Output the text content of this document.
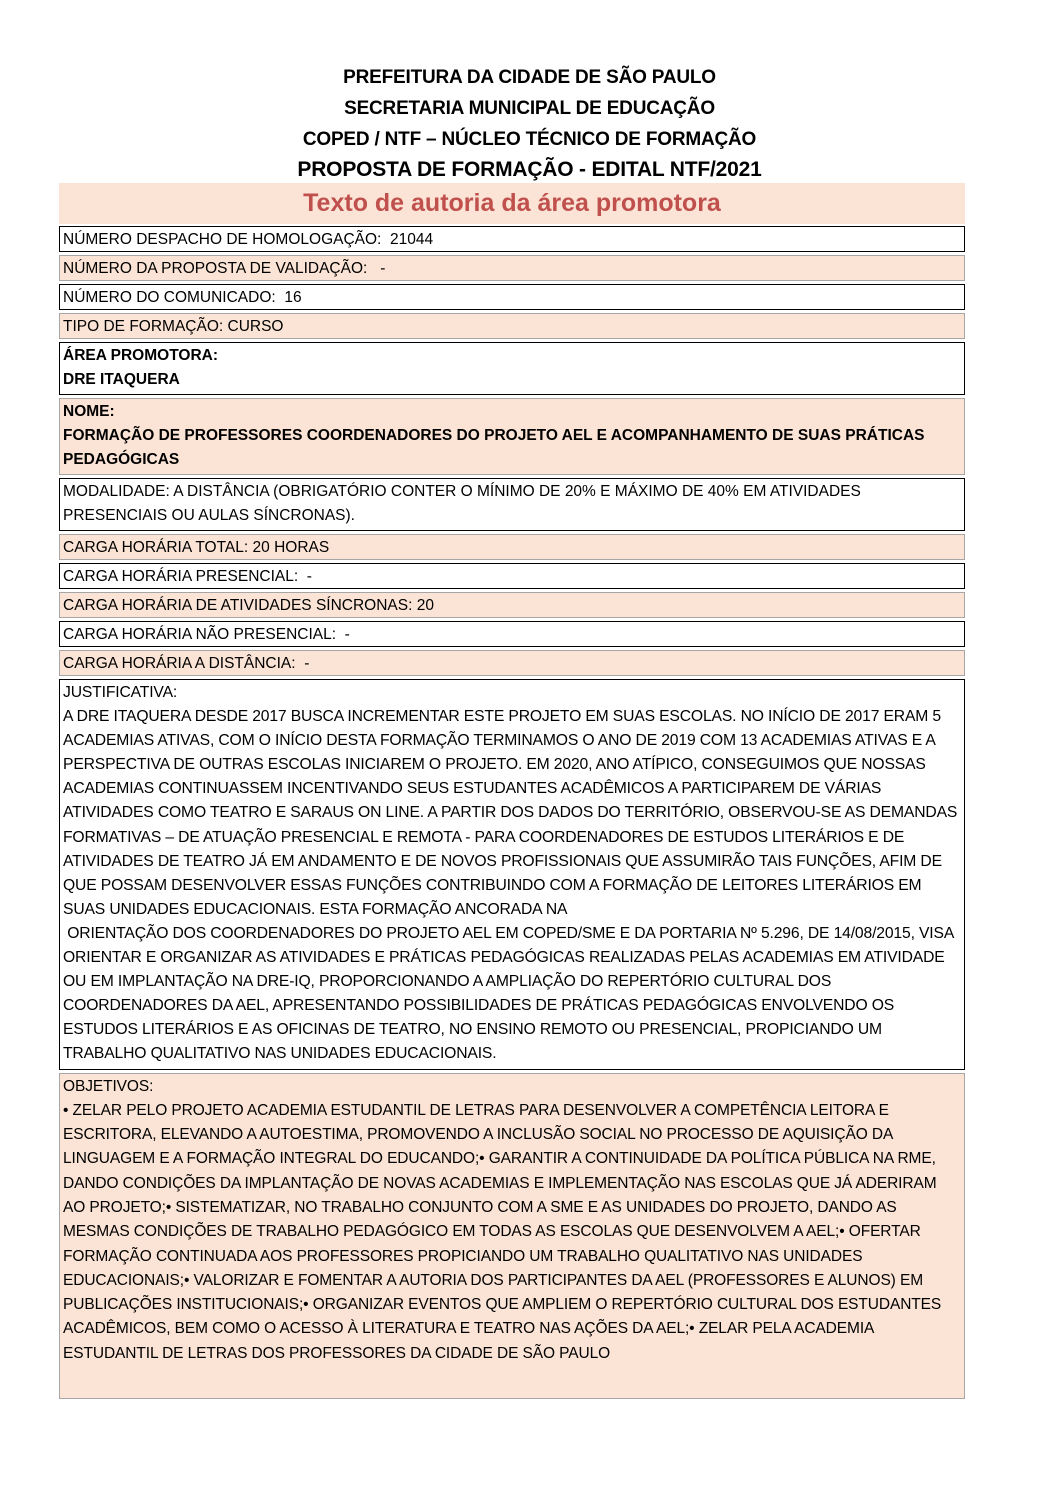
PREFEITURA DA CIDADE DE SÃO PAULO
SECRETARIA MUNICIPAL DE EDUCAÇÃO
COPED / NTF – NÚCLEO TÉCNICO DE FORMAÇÃO
PROPOSTA DE FORMAÇÃO - EDITAL NTF/2021
Texto de autoria da área promotora
NÚMERO DESPACHO DE HOMOLOGAÇÃO: 21044
NÚMERO DA PROPOSTA DE VALIDAÇÃO: -
NÚMERO DO COMUNICADO: 16
TIPO DE FORMAÇÃO: CURSO
ÁREA PROMOTORA:
DRE ITAQUERA
NOME:
FORMAÇÃO DE PROFESSORES COORDENADORES DO PROJETO AEL E ACOMPANHAMENTO DE SUAS PRÁTICAS PEDAGÓGICAS
MODALIDADE: A DISTÂNCIA (OBRIGATÓRIO CONTER O MÍNIMO DE 20% E MÁXIMO DE 40% EM ATIVIDADES PRESENCIAIS OU AULAS SÍNCRONAS).
CARGA HORÁRIA TOTAL: 20 HORAS
CARGA HORÁRIA PRESENCIAL: -
CARGA HORÁRIA DE ATIVIDADES SÍNCRONAS: 20
CARGA HORÁRIA NÃO PRESENCIAL: -
CARGA HORÁRIA A DISTÂNCIA: -
JUSTIFICATIVA:
A DRE ITAQUERA DESDE 2017 BUSCA INCREMENTAR ESTE PROJETO EM SUAS ESCOLAS. NO INÍCIO DE 2017 ERAM 5 ACADEMIAS ATIVAS, COM O INÍCIO DESTA FORMAÇÃO TERMINAMOS O ANO DE 2019 COM 13 ACADEMIAS ATIVAS E A PERSPECTIVA DE OUTRAS ESCOLAS INICIAREM O PROJETO. EM 2020, ANO ATÍPICO, CONSEGUIMOS QUE NOSSAS ACADEMIAS CONTINUASSEM INCENTIVANDO SEUS ESTUDANTES ACADÊMICOS A PARTICIPAREM DE VÁRIAS ATIVIDADES COMO TEATRO E SARAUS ON LINE. A PARTIR DOS DADOS DO TERRITÓRIO, OBSERVOU-SE AS DEMANDAS FORMATIVAS – DE ATUAÇÃO PRESENCIAL E REMOTA - PARA COORDENADORES DE ESTUDOS LITERÁRIOS E DE ATIVIDADES DE TEATRO JÁ EM ANDAMENTO E DE NOVOS PROFISSIONAIS QUE ASSUMIRÃO TAIS FUNÇÕES, AFIM DE QUE POSSAM DESENVOLVER ESSAS FUNÇÕES CONTRIBUINDO COM A FORMAÇÃO DE LEITORES LITERÁRIOS EM SUAS UNIDADES EDUCACIONAIS. ESTA FORMAÇÃO ANCORADA NA
ORIENTAÇÃO DOS COORDENADORES DO PROJETO AEL EM COPED/SME E DA PORTARIA Nº 5.296, DE 14/08/2015, VISA ORIENTAR E ORGANIZAR AS ATIVIDADES E PRÁTICAS PEDAGÓGICAS REALIZADAS PELAS ACADEMIAS EM ATIVIDADE OU EM IMPLANTAÇÃO NA DRE-IQ, PROPORCIONANDO A AMPLIAÇÃO DO REPERTÓRIO CULTURAL DOS COORDENADORES DA AEL, APRESENTANDO POSSIBILIDADES DE PRÁTICAS PEDAGÓGICAS ENVOLVENDO OS ESTUDOS LITERÁRIOS E AS OFICINAS DE TEATRO, NO ENSINO REMOTO OU PRESENCIAL, PROPICIANDO UM TRABALHO QUALITATIVO NAS UNIDADES EDUCACIONAIS.
OBJETIVOS:
• ZELAR PELO PROJETO ACADEMIA ESTUDANTIL DE LETRAS PARA DESENVOLVER A COMPETÊNCIA LEITORA E ESCRITORA, ELEVANDO A AUTOESTIMA, PROMOVENDO A INCLUSÃO SOCIAL NO PROCESSO DE AQUISIÇÃO DA LINGUAGEM E A FORMAÇÃO INTEGRAL DO EDUCANDO;• GARANTIR A CONTINUIDADE DA POLÍTICA PÚBLICA NA RME, DANDO CONDIÇÕES DA IMPLANTAÇÃO DE NOVAS ACADEMIAS E IMPLEMENTAÇÃO NAS ESCOLAS QUE JÁ ADERIRAM AO PROJETO;• SISTEMATIZAR, NO TRABALHO CONJUNTO COM A SME E AS UNIDADES DO PROJETO, DANDO AS MESMAS CONDIÇÕES DE TRABALHO PEDAGÓGICO EM TODAS AS ESCOLAS QUE DESENVOLVEM A AEL;• OFERTAR FORMAÇÃO CONTINUADA AOS PROFESSORES PROPICIANDO UM TRABALHO QUALITATIVO NAS UNIDADES EDUCACIONAIS;• VALORIZAR E FOMENTAR A AUTORIA DOS PARTICIPANTES DA AEL (PROFESSORES E ALUNOS) EM PUBLICAÇÕES INSTITUCIONAIS;• ORGANIZAR EVENTOS QUE AMPLIEM O REPERTÓRIO CULTURAL DOS ESTUDANTES ACADÊMICOS, BEM COMO O ACESSO À LITERATURA E TEATRO NAS AÇÕES DA AEL;• ZELAR PELA ACADEMIA ESTUDANTIL DE LETRAS DOS PROFESSORES DA CIDADE DE SÃO PAULO
